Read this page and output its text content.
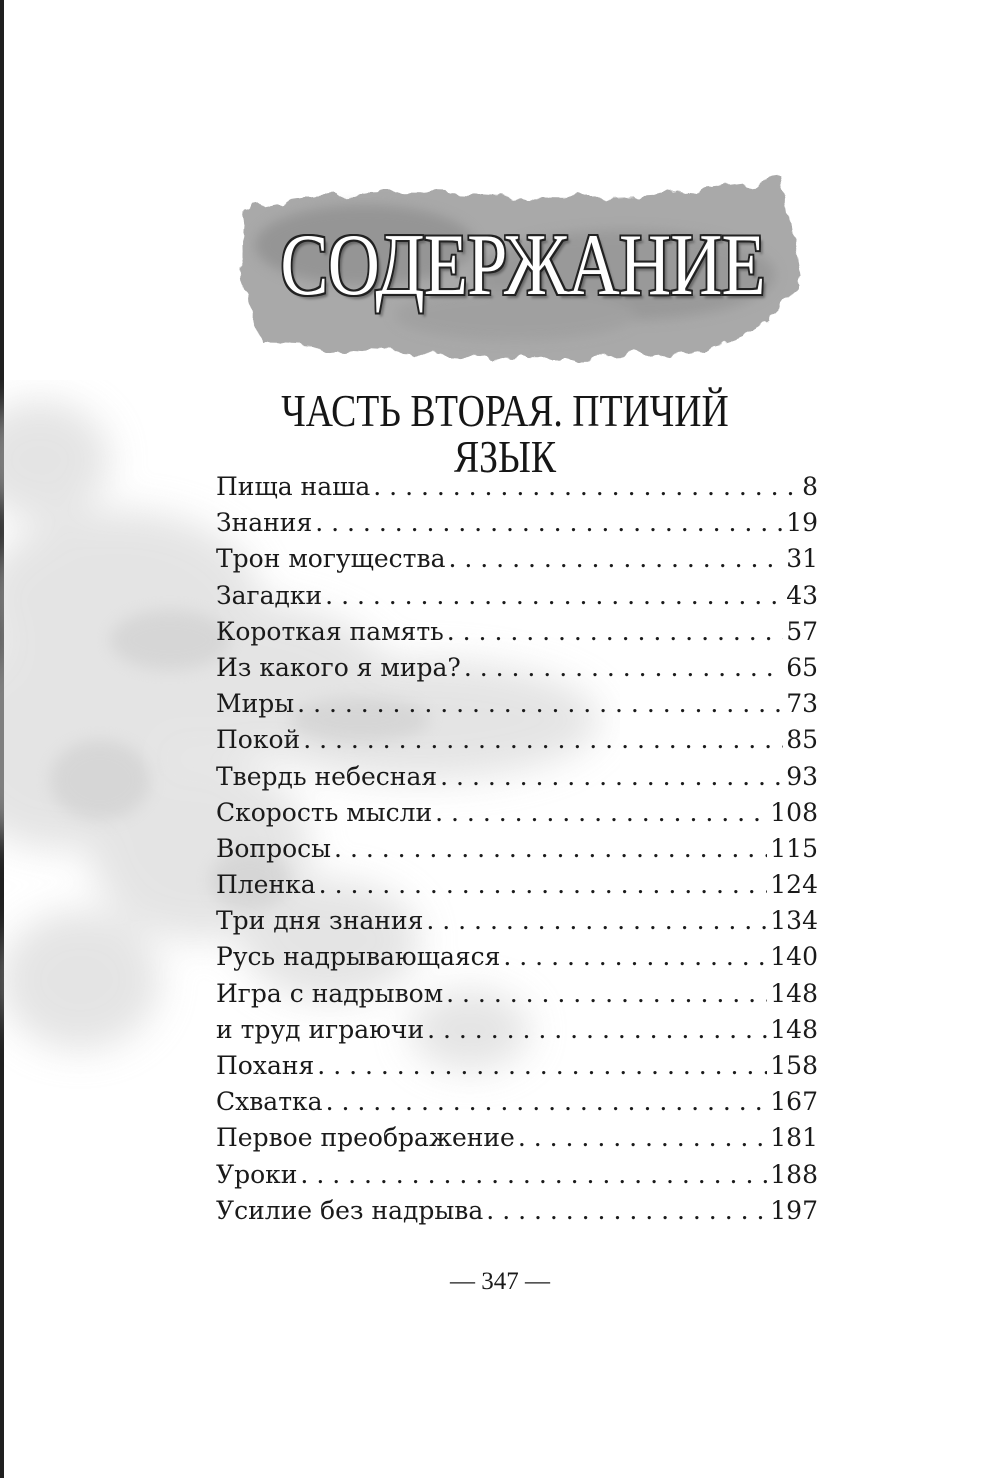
СОДЕРЖАНИЕ
ЧАСТЬ ВТОРАЯ. ПТИЧИЙ ЯЗЫК
Пища наша . . .	8
Знания . . .	19
Трон могущества . . .	31
Загадки . . .	43
Короткая память . . .	57
Из какого я мира? . . .	65
Миры . . .	73
Покой . . .	85
Твердь небесная . . .	93
Скорость мысли . . .	108
Вопросы . . .	115
Пленка . . .	124
Три дня знания . . .	134
Русь надрывающаяся . . .	140
Игра с надрывом . . .	148
и труд играючи . . .	148
Поханя . . .	158
Схватка . . .	167
Первое преображение . . .	181
Уроки . . .	188
Усилие без надрыва . . .	197
— 347 —
